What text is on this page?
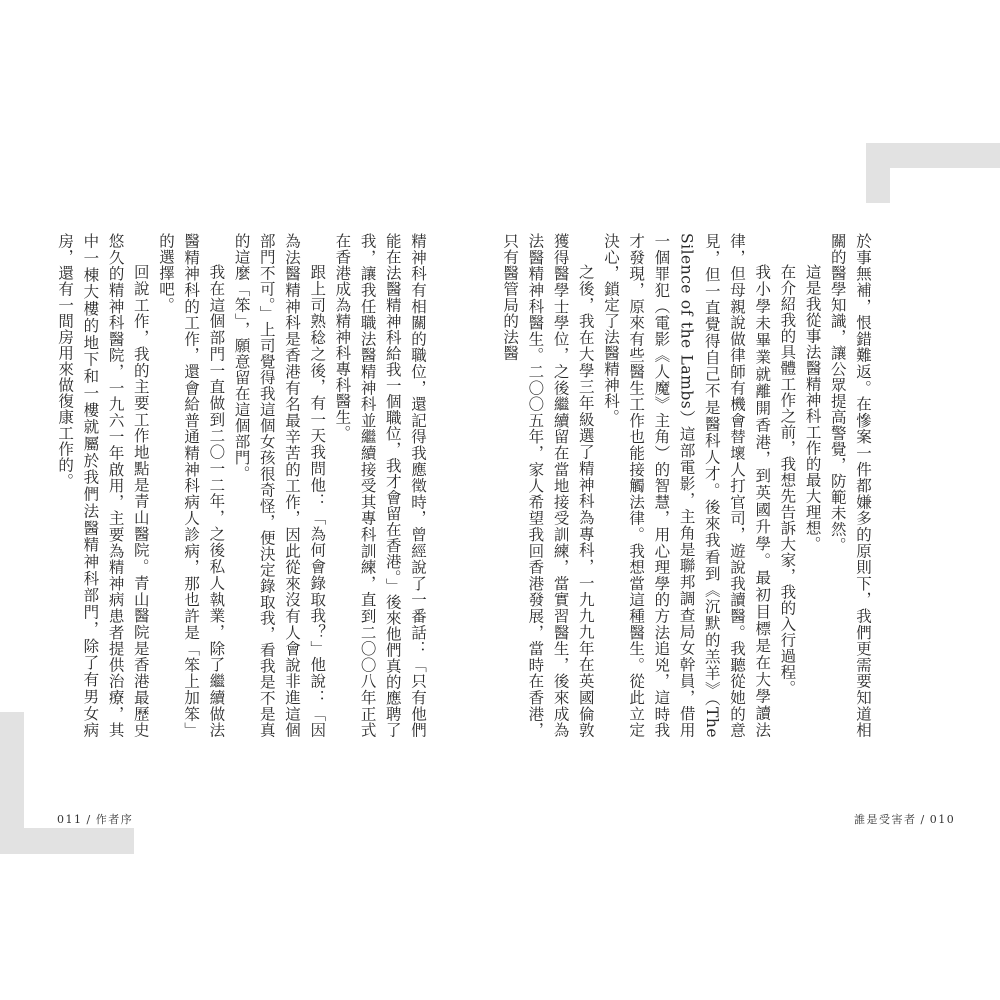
於事無補，恨錯難返。在慘案一件都嫌多的原則下，我們更需要知道相關的醫學知識，讓公眾提高警覺，防範未然。

這是我從事法醫精神科工作的最大理想。

在介紹我的具體工作之前，我想先告訴大家，我的入行過程。

我小學未畢業就離開香港，到英國升學。最初目標是在大學讀法律，但母親說做律師有機會替壞人打官司，遊說我讀醫。我聽從她的意見，但一直覺得自己不是醫科人才。後來我看到《沉默的羔羊》（The Silence of the Lambs）這部電影，主角是聯邦調查局女幹員，借用一個罪犯（電影《人魔》主角）的智慧，用心理學的方法追兇，這時我才發現，原來有些醫生工作也能接觸法律。我想當這種醫生。從此立定決心，鎖定了法醫精神科。

之後，我在大學三年級選了精神科為專科，一九九九年在英國倫敦獲得醫學士學位，之後繼續留在當地接受訓練，當實習醫生，後來成為法醫精神科醫生。二〇〇五年，家人希望我回香港發展，當時在香港，只有醫管局的法醫

誰是受害者 / 010

精神科有相關的職位，還記得我應徵時，曾經說了一番話：「只有他們能在法醫精神科給我一個職位，我才會留在香港。」後來他們真的應聘了我，讓我任職法醫精神科並繼續接受其專科訓練，直到二〇〇八年正式在香港成為精神科專科醫生。

跟上司熟稔之後，有一天我問他：「為何會錄取我？」他說：「因為法醫精神科是香港有名最辛苦的工作，因此從來沒有人會說非進這個部門不可。」上司覺得我這個女孩很奇怪，便決定錄取我，看我是不是真的這麼「笨」，願意留在這個部門。

我在這個部門一直做到二〇一二年，之後私人執業，除了繼續做法醫精神科的工作，還會給普通精神科病人診病，那也許是「笨上加笨」的選擇吧。

回說工作，我的主要工作地點是青山醫院。青山醫院是香港最歷史悠久的精神科醫院，一九六一年啟用，主要為精神病患者提供治療，其中一棟大樓的地下和一樓就屬於我們法醫精神科部門，除了有男女病房，還有一間房用來做復康工作的。

011 / 作者序
